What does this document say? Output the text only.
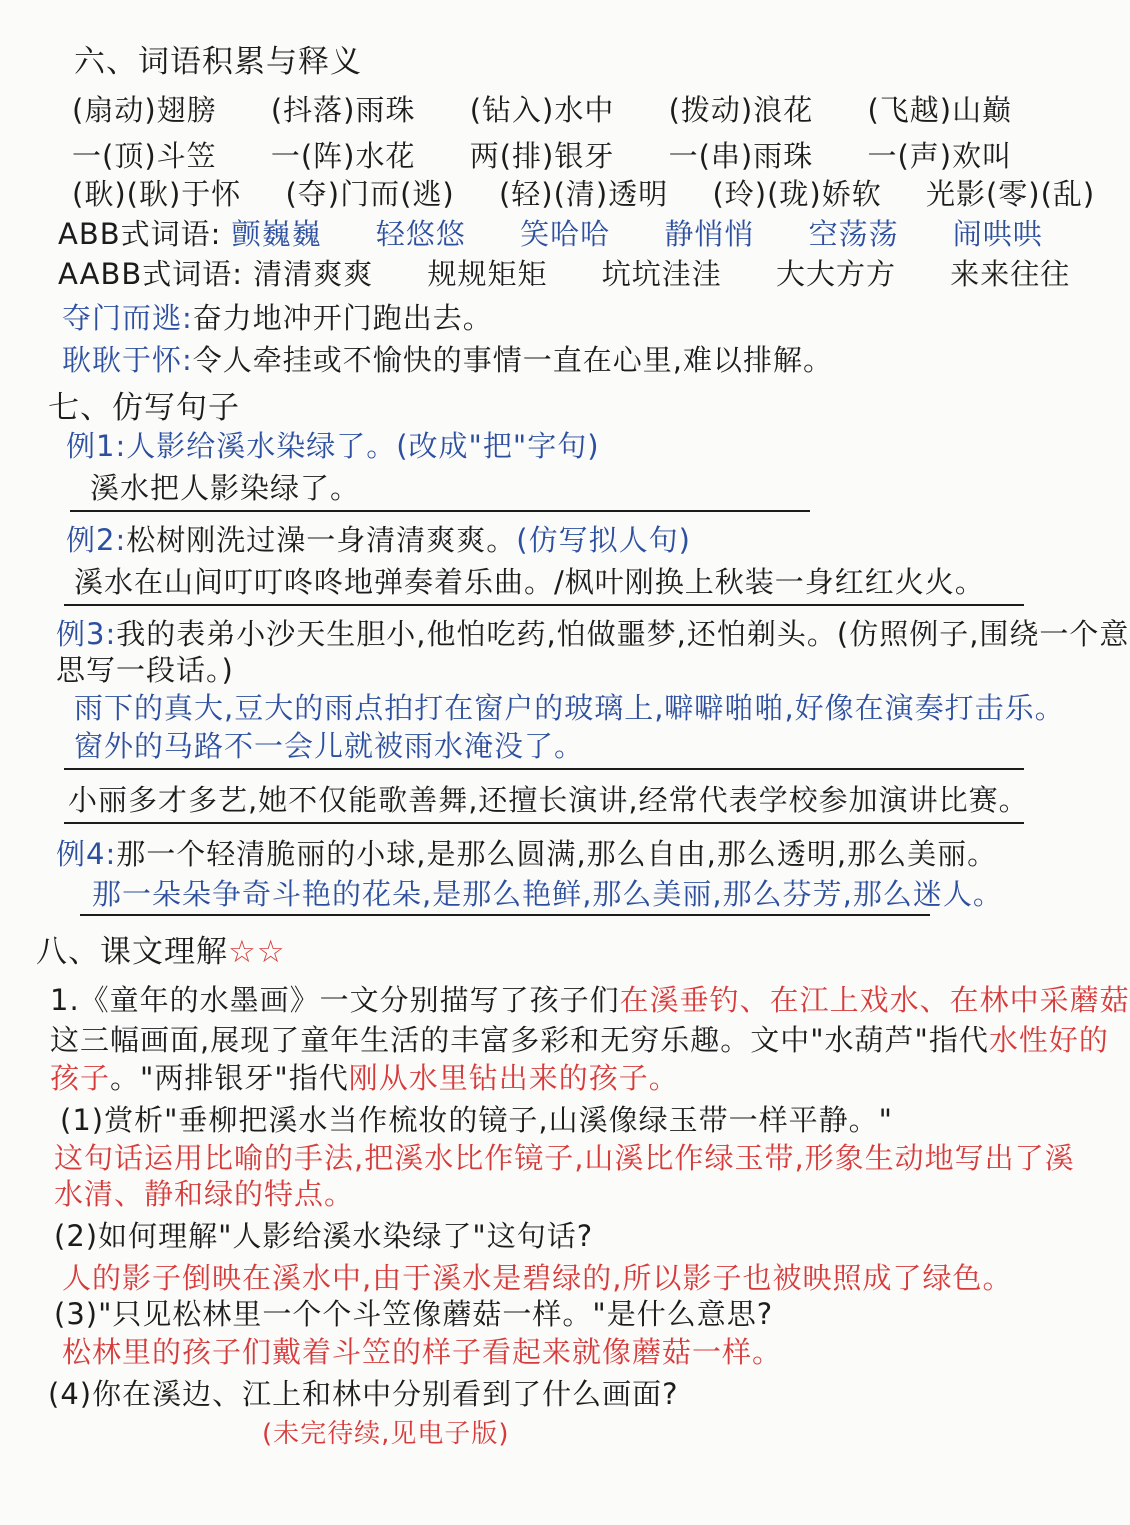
六、词语积累与释义
(扇动)翅膀 (抖落)雨珠 (钻入)水中 (拨动)浪花 (飞越)山巅
一(顶)斗笠 一(阵)水花 两(排)银牙 一(串)雨珠 一(声)欢叫
(耿)(耿)于怀 (夺)门而(逃) (轻)(清)透明 (玲)(珑)娇软 光影(零)(乱)
ABB式词语: 颤巍巍 轻悠悠 笑哈哈 静悄悄 空荡荡 闹哄哄
AABB式词语: 清清爽爽 规规矩矩 坑坑洼洼 大大方方 来来往往
夺门而逃:奋力地冲开门跑出去。
耿耿于怀:令人牵挂或不愉快的事情一直在心里,难以排解。
七、仿写句子
例1:人影给溪水染绿了。(改成"把"字句)
溪水把人影染绿了。
例2:松树刚洗过澡一身清清爽爽。(仿写拟人句)
溪水在山间叮叮咚咚地弹奏着乐曲。/枫叶刚换上秋装一身红红火火。
例3:我的表弟小沙天生胆小,他怕吃药,怕做噩梦,还怕剃头。(仿照例子,围绕一个意
思写一段话。)
雨下的真大,豆大的雨点拍打在窗户的玻璃上,噼噼啪啪,好像在演奏打击乐。
窗外的马路不一会儿就被雨水淹没了。
小丽多才多艺,她不仅能歌善舞,还擅长演讲,经常代表学校参加演讲比赛。
例4:那一个轻清脆丽的小球,是那么圆满,那么自由,那么透明,那么美丽。
那一朵朵争奇斗艳的花朵,是那么艳鲜,那么美丽,那么芬芳,那么迷人。
八、课文理解☆☆
1.《童年的水墨画》一文分别描写了孩子们在溪垂钓、在江上戏水、在林中采蘑菇
这三幅画面,展现了童年生活的丰富多彩和无穷乐趣。文中"水葫芦"指代水性好的
孩子。"两排银牙"指代刚从水里钻出来的孩子。
(1)赏析"垂柳把溪水当作梳妆的镜子,山溪像绿玉带一样平静。"
这句话运用比喻的手法,把溪水比作镜子,山溪比作绿玉带,形象生动地写出了溪
水清、静和绿的特点。
(2)如何理解"人影给溪水染绿了"这句话?
人的影子倒映在溪水中,由于溪水是碧绿的,所以影子也被映照成了绿色。
(3)"只见松林里一个个斗笠像蘑菇一样。"是什么意思?
松林里的孩子们戴着斗笠的样子看起来就像蘑菇一样。
(4)你在溪边、江上和林中分别看到了什么画面?
(未完待续,见电子版)
